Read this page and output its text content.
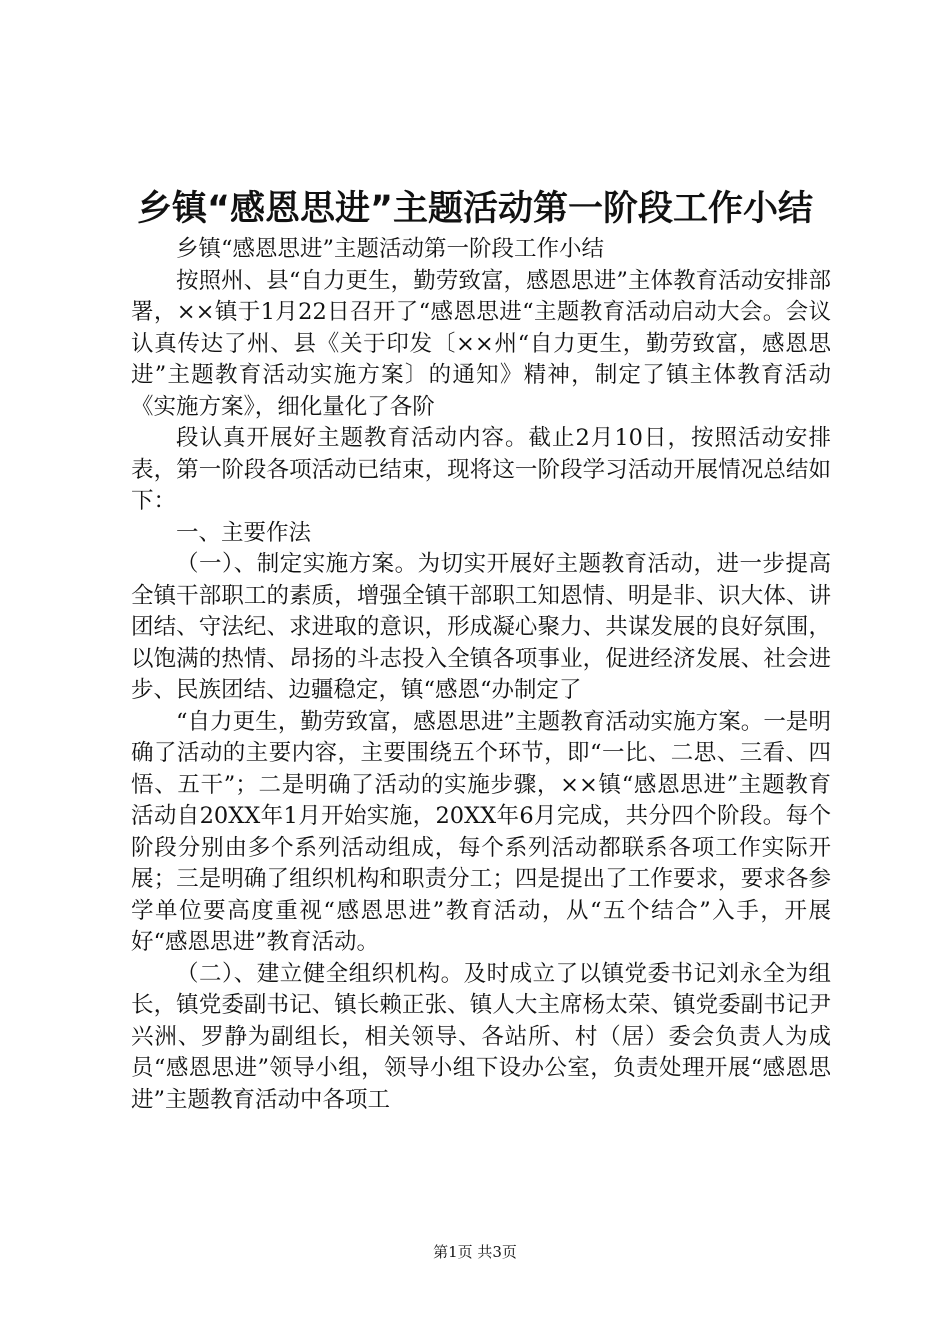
乡镇“感恩思进”主题活动第一阶段工作小结

乡镇“感恩思进”主题活动第一阶段工作小结

按照州、县“自力更生，勤劳致富，感恩思进”主体教育活动安排部署，××镇于1月22日召开了“感恩思进“主题教育活动启动大会。会议认真传达了州、县《关于印发〔××州“自力更生，勤劳致富，感恩思进”主题教育活动实施方案〕的通知》精神，制定了镇主体教育活动《实施方案》，细化量化了各阶

段认真开展好主题教育活动内容。截止2月10日，按照活动安排表，第一阶段各项活动已结束，现将这一阶段学习活动开展情况总结如下：

一、主要作法

（一）、制定实施方案。为切实开展好主题教育活动，进一步提高全镇干部职工的素质，增强全镇干部职工知恩情、明是非、识大体、讲团结、守法纪、求进取的意识，形成凝心聚力、共谋发展的良好氛围，以饱满的热情、昂扬的斗志投入全镇各项事业，促进经济发展、社会进步、民族团结、边疆稳定，镇“感恩“办制定了

“自力更生，勤劳致富，感恩思进”主题教育活动实施方案。一是明确了活动的主要内容，主要围绕五个环节，即“一比、二思、三看、四悟、五干”；二是明确了活动的实施步骤，××镇“感恩思进”主题教育活动自20XX年1月开始实施，20XX年6月完成，共分四个阶段。每个阶段分别由多个系列活动组成，每个系列活动都联系各项工作实际开展；三是明确了组织机构和职责分工；四是提出了工作要求，要求各参学单位要高度重视“感恩思进”教育活动，从“五个结合”入手，开展好“感恩思进”教育活动。

（二）、建立健全组织机构。及时成立了以镇党委书记刘永全为组长，镇党委副书记、镇长赖正张、镇人大主席杨太荣、镇党委副书记尹兴洲、罗静为副组长，相关领导、各站所、村（居）委会负责人为成员“感恩思进”领导小组，领导小组下设办公室，负责处理开展“感恩思进”主题教育活动中各项工

第1页 共3页
